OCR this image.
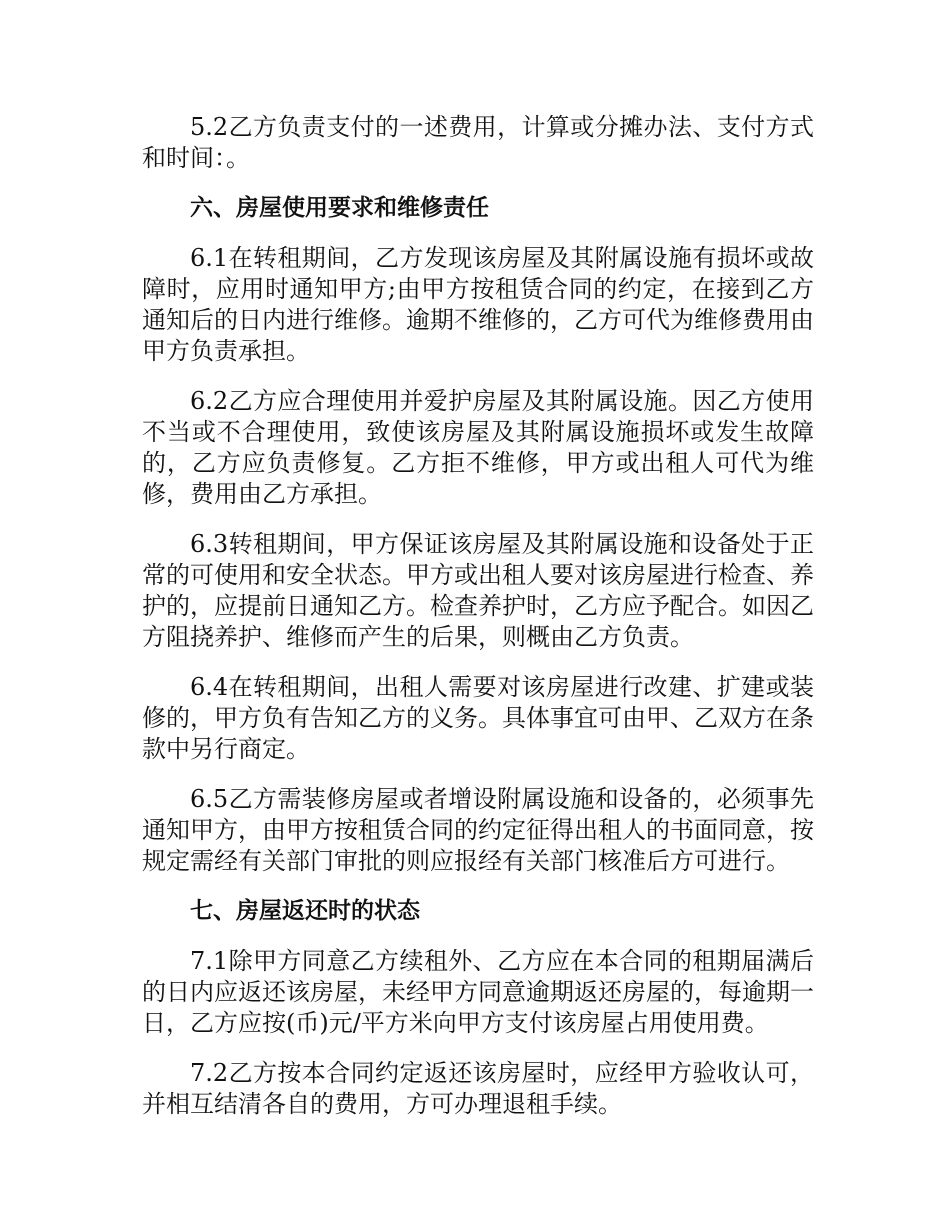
5.2乙方负责支付的一述费用，计算或分摊办法、支付方式和时间：。

六、房屋使用要求和维修责任

6.1在转租期间，乙方发现该房屋及其附属设施有损坏或故障时，应用时通知甲方;由甲方按租赁合同的约定，在接到乙方通知后的日内进行维修。逾期不维修的，乙方可代为维修费用由甲方负责承担。

6.2乙方应合理使用并爱护房屋及其附属设施。因乙方使用不当或不合理使用，致使该房屋及其附属设施损坏或发生故障的，乙方应负责修复。乙方拒不维修，甲方或出租人可代为维修，费用由乙方承担。

6.3转租期间，甲方保证该房屋及其附属设施和设备处于正常的可使用和安全状态。甲方或出租人要对该房屋进行检查、养护的，应提前日通知乙方。检查养护时，乙方应予配合。如因乙方阻挠养护、维修而产生的后果，则概由乙方负责。

6.4在转租期间，出租人需要对该房屋进行改建、扩建或装修的，甲方负有告知乙方的义务。具体事宜可由甲、乙双方在条款中另行商定。

6.5乙方需装修房屋或者增设附属设施和设备的，必须事先通知甲方，由甲方按租赁合同的约定征得出租人的书面同意，按规定需经有关部门审批的则应报经有关部门核准后方可进行。

七、房屋返还时的状态

7.1除甲方同意乙方续租外、乙方应在本合同的租期届满后的日内应返还该房屋，未经甲方同意逾期返还房屋的，每逾期一日，乙方应按(币)元/平方米向甲方支付该房屋占用使用费。

7.2乙方按本合同约定返还该房屋时，应经甲方验收认可，并相互结清各自的费用，方可办理退租手续。
